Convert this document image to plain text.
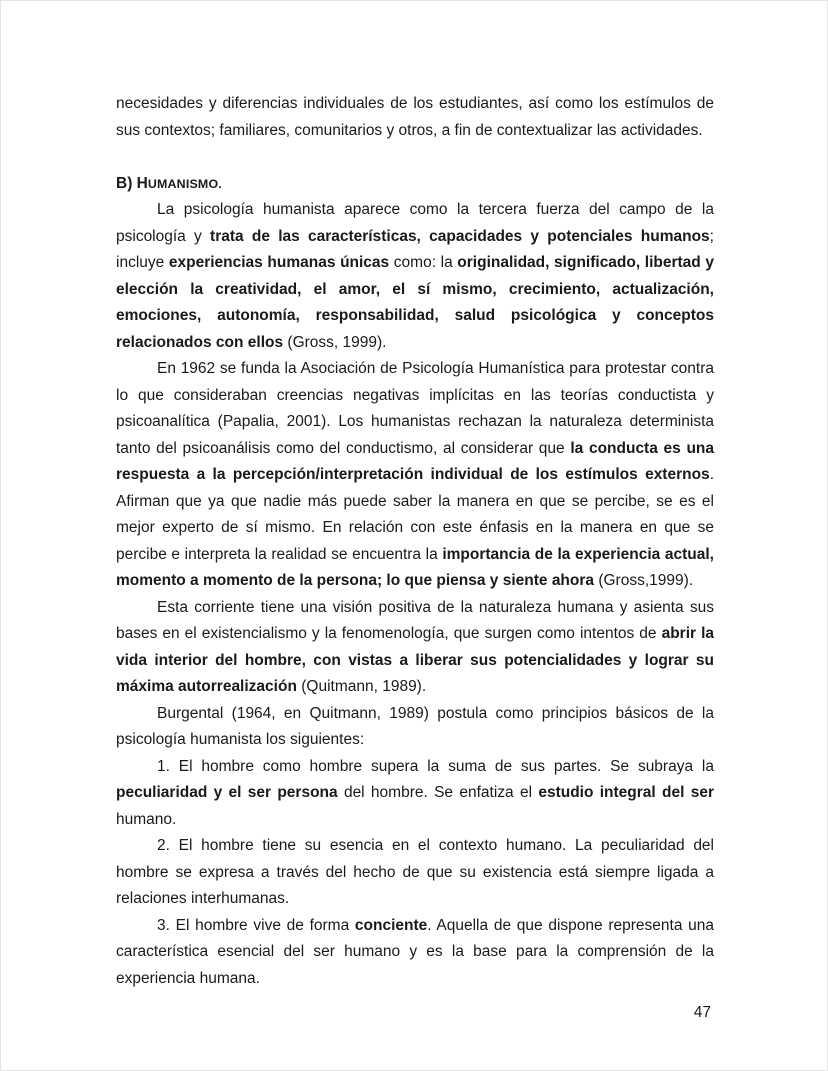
necesidades y diferencias individuales de los estudiantes, así como los estímulos de sus contextos; familiares, comunitarios y otros, a fin de contextualizar las actividades.

B) HUMANISMO.

La psicología humanista aparece como la tercera fuerza del campo de la psicología y trata de las características, capacidades y potenciales humanos; incluye experiencias humanas únicas como: la originalidad, significado, libertad y elección la creatividad, el amor, el sí mismo, crecimiento, actualización, emociones, autonomía, responsabilidad, salud psicológica y conceptos relacionados con ellos (Gross, 1999).

En 1962 se funda la Asociación de Psicología Humanística para protestar contra lo que consideraban creencias negativas implícitas en las teorías conductista y psicoanalítica (Papalia, 2001). Los humanistas rechazan la naturaleza determinista tanto del psicoanálisis como del conductismo, al considerar que la conducta es una respuesta a la percepción/interpretación individual de los estímulos externos. Afirman que ya que nadie más puede saber la manera en que se percibe, se es el mejor experto de sí mismo. En relación con este énfasis en la manera en que se percibe e interpreta la realidad se encuentra la importancia de la experiencia actual, momento a momento de la persona; lo que piensa y siente ahora (Gross,1999).

Esta corriente tiene una visión positiva de la naturaleza humana y asienta sus bases en el existencialismo y la fenomenología, que surgen como intentos de abrir la vida interior del hombre, con vistas a liberar sus potencialidades y lograr su máxima autorrealización (Quitmann, 1989).

Burgental (1964, en Quitmann, 1989) postula como principios básicos de la psicología humanista los siguientes:

1. El hombre como hombre supera la suma de sus partes. Se subraya la peculiaridad y el ser persona del hombre. Se enfatiza el estudio integral del ser humano.

2. El hombre tiene su esencia en el contexto humano. La peculiaridad del hombre se expresa a través del hecho de que su existencia está siempre ligada a relaciones interhumanas.

3. El hombre vive de forma conciente. Aquella de que dispone representa una característica esencial del ser humano y es la base para la comprensión de la experiencia humana.

47
